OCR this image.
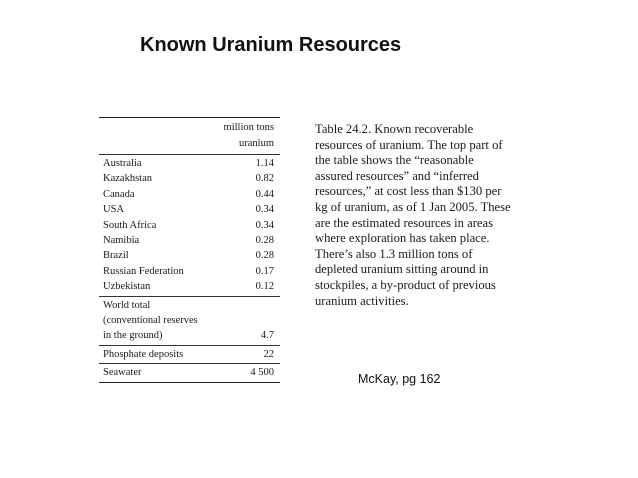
Known Uranium Resources
million tons
uranium
Australia	1.14
Kazakhstan	0.82
Canada	0.44
USA	0.34
South Africa	0.34
Namibia	0.28
Brazil	0.28
Russian Federation	0.17
Uzbekistan	0.12
World total
(conventional reserves
in the ground)	4.7
Phosphate deposits	22
Seawater	4 500
Table 24.2. Known recoverable
resources of uranium. The top part of
the table shows the “reasonable
assured resources” and “inferred
resources,” at cost less than $130 per
kg of uranium, as of 1 Jan 2005. These
are the estimated resources in areas
where exploration has taken place.
There’s also 1.3 million tons of
depleted uranium sitting around in
stockpiles, a by-product of previous
uranium activities.
McKay, pg 162
